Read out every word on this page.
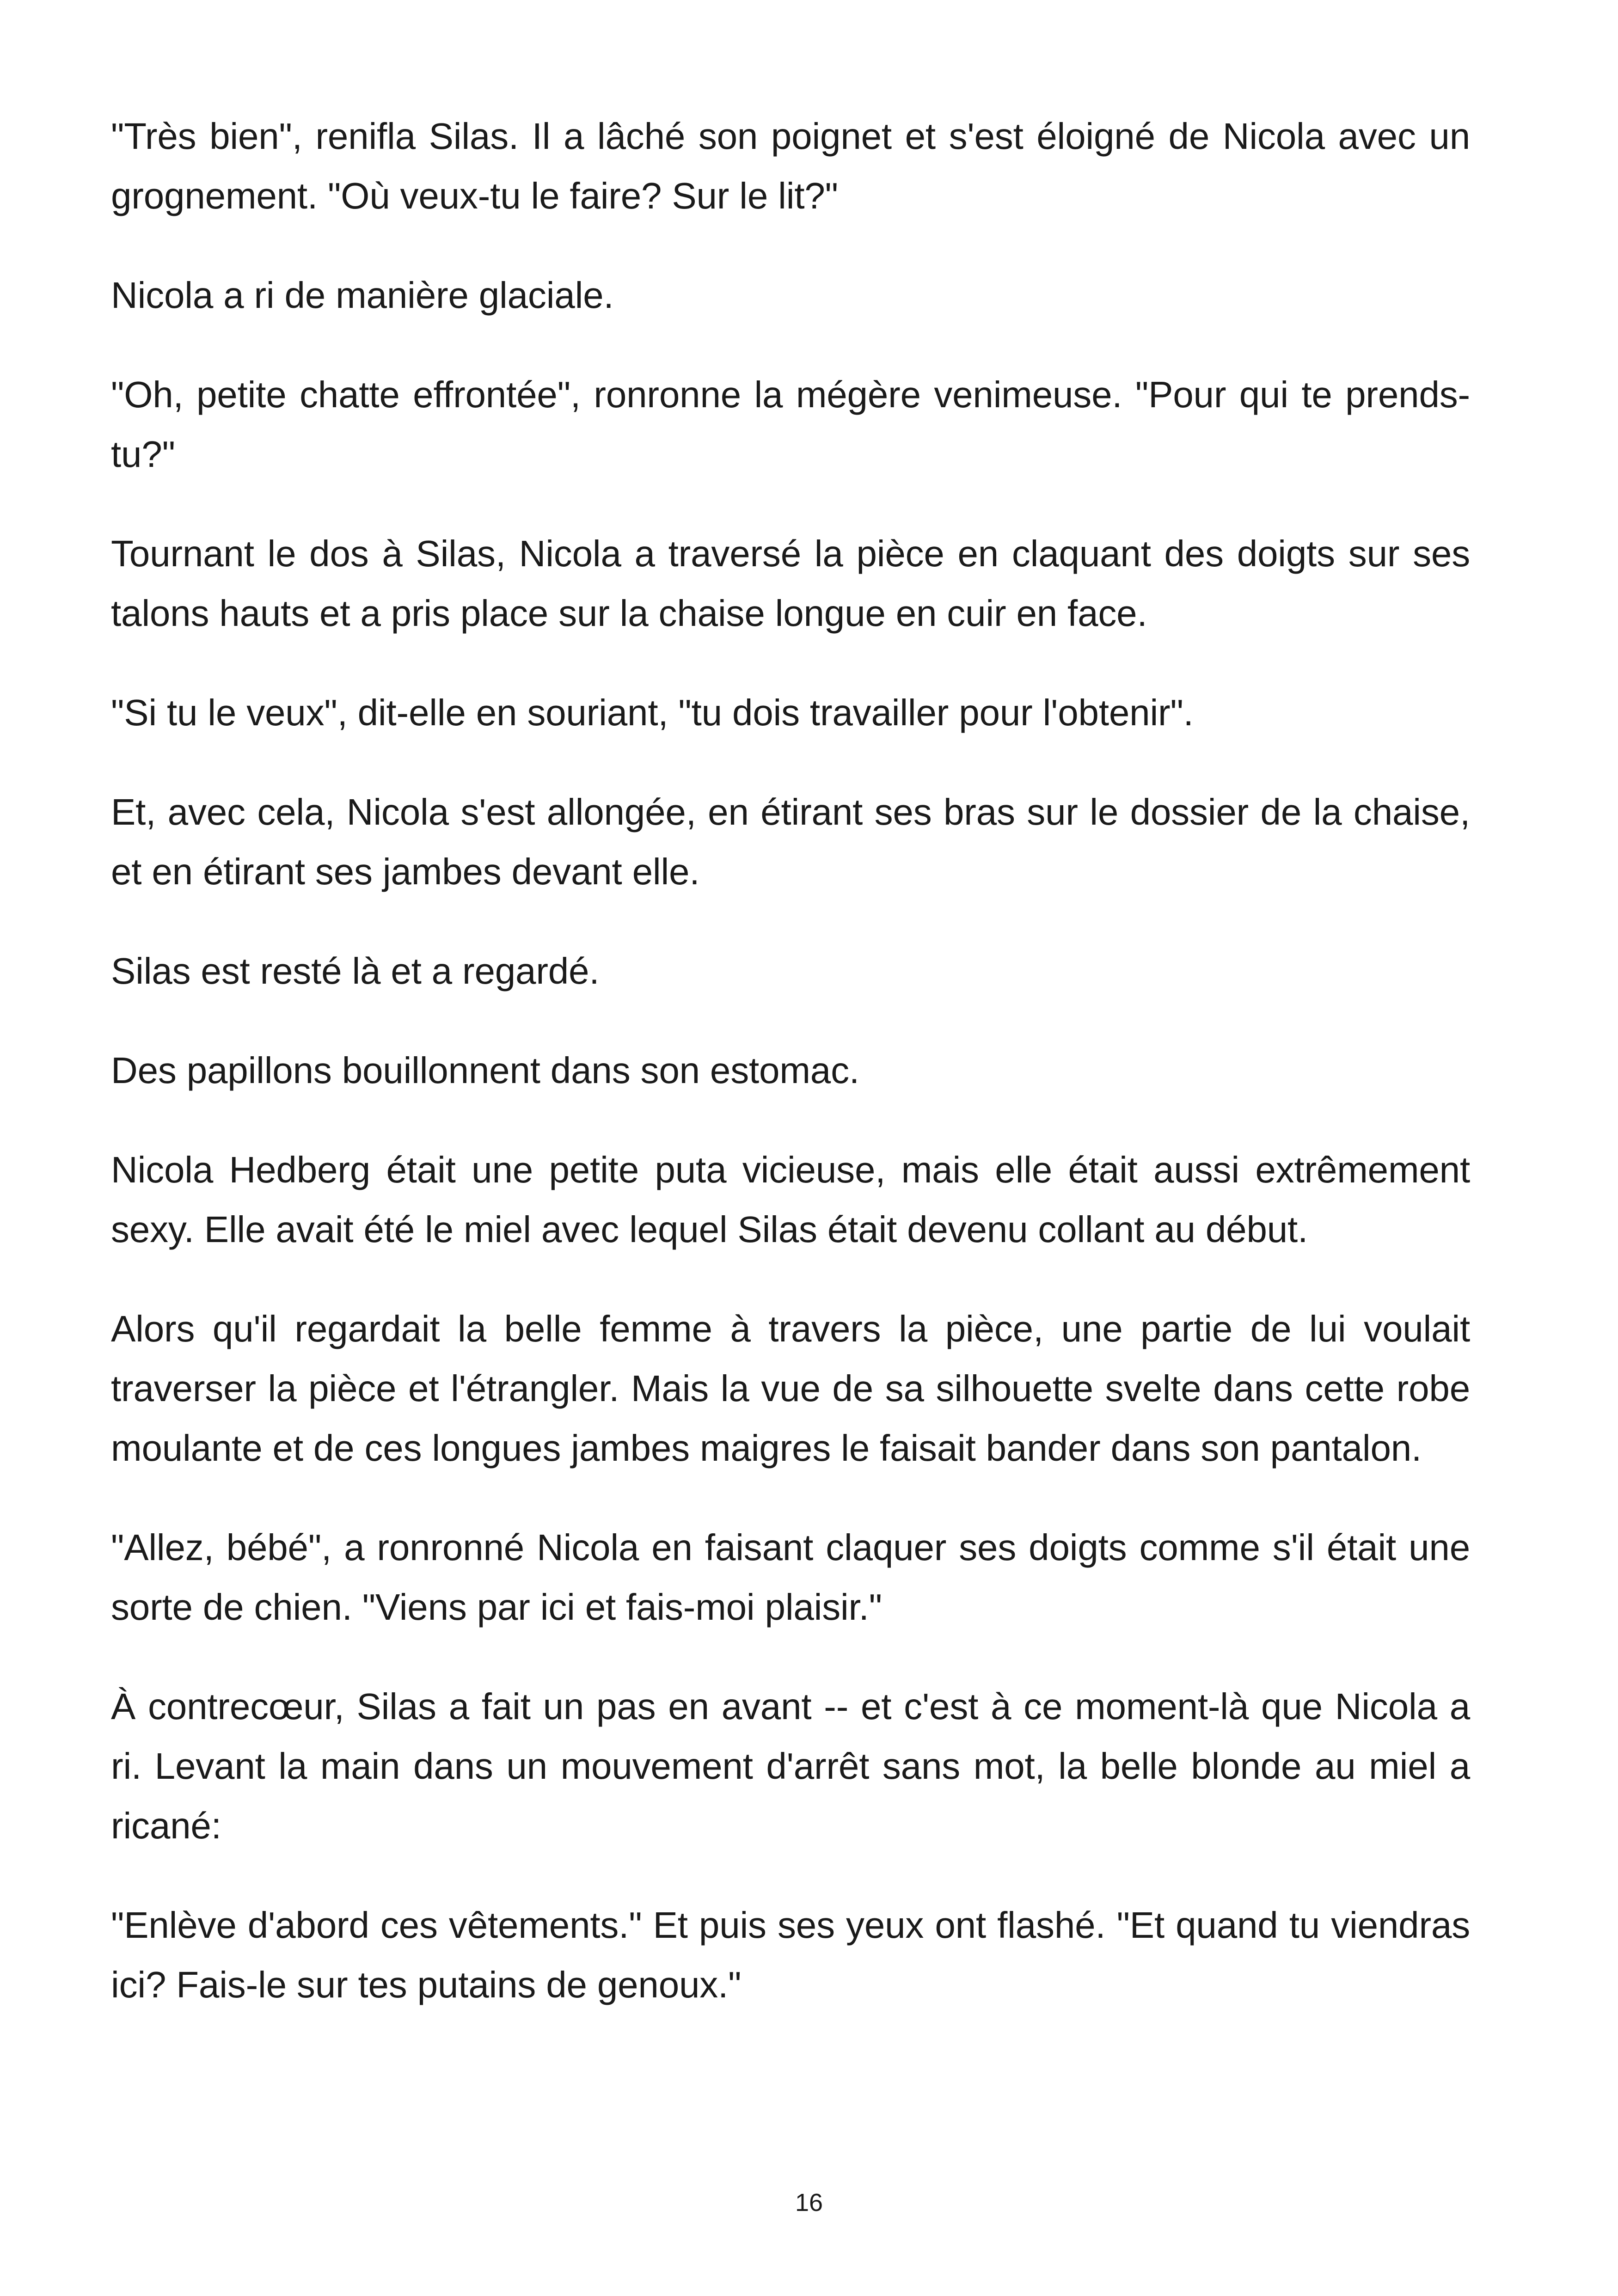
"Très bien", renifla Silas. Il a lâché son poignet et s'est éloigné de Nicola avec un grognement. "Où veux-tu le faire? Sur le lit?"

Nicola a ri de manière glaciale.

"Oh, petite chatte effrontée", ronronne la mégère venimeuse. "Pour qui te prends-tu?"

Tournant le dos à Silas, Nicola a traversé la pièce en claquant des doigts sur ses talons hauts et a pris place sur la chaise longue en cuir en face.

"Si tu le veux", dit-elle en souriant, "tu dois travailler pour l'obtenir".

Et, avec cela, Nicola s'est allongée, en étirant ses bras sur le dossier de la chaise, et en étirant ses jambes devant elle.

Silas est resté là et a regardé.

Des papillons bouillonnent dans son estomac.

Nicola Hedberg était une petite puta vicieuse, mais elle était aussi extrêmement sexy. Elle avait été le miel avec lequel Silas était devenu collant au début.

Alors qu'il regardait la belle femme à travers la pièce, une partie de lui voulait traverser la pièce et l'étrangler. Mais la vue de sa silhouette svelte dans cette robe moulante et de ces longues jambes maigres le faisait bander dans son pantalon.

"Allez, bébé", a ronronné Nicola en faisant claquer ses doigts comme s'il était une sorte de chien. "Viens par ici et fais-moi plaisir."

À contrecœur, Silas a fait un pas en avant -- et c'est à ce moment-là que Nicola a ri. Levant la main dans un mouvement d'arrêt sans mot, la belle blonde au miel a ricané:

"Enlève d'abord ces vêtements." Et puis ses yeux ont flashé. "Et quand tu viendras ici? Fais-le sur tes putains de genoux."

16
